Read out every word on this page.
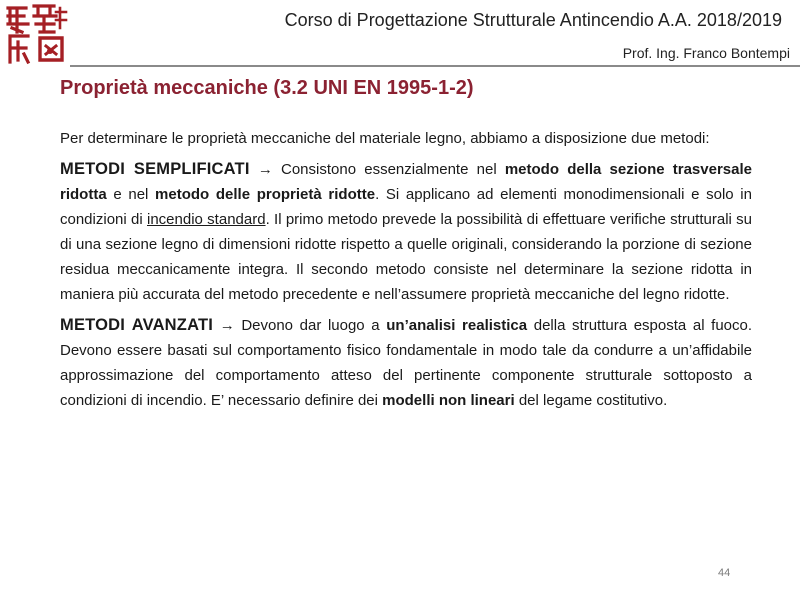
Corso di Progettazione Strutturale Antincendio A.A. 2018/2019
Prof. Ing. Franco Bontempi
Proprietà meccaniche (3.2 UNI EN 1995-1-2)

Per determinare le proprietà meccaniche del materiale legno, abbiamo a disposizione due metodi:

METODI SEMPLIFICATI → Consistono essenzialmente nel metodo della sezione trasversale ridotta e nel metodo delle proprietà ridotte. Si applicano ad elementi monodimensionali e solo in condizioni di incendio standard. Il primo metodo prevede la possibilità di effettuare verifiche strutturali su di una sezione legno di dimensioni ridotte rispetto a quelle originali, considerando la porzione di sezione residua meccanicamente integra. Il secondo metodo consiste nel determinare la sezione ridotta in maniera più accurata del metodo precedente e nell’assumere proprietà meccaniche del legno ridotte.

METODI AVANZATI → Devono dar luogo a un’analisi realistica della struttura esposta al fuoco. Devono essere basati sul comportamento fisico fondamentale in modo tale da condurre a un’affidabile approssimazione del comportamento atteso del pertinente componente strutturale sottoposto a condizioni di incendio. E’ necessario definire dei modelli non lineari del legame costitutivo.

44
